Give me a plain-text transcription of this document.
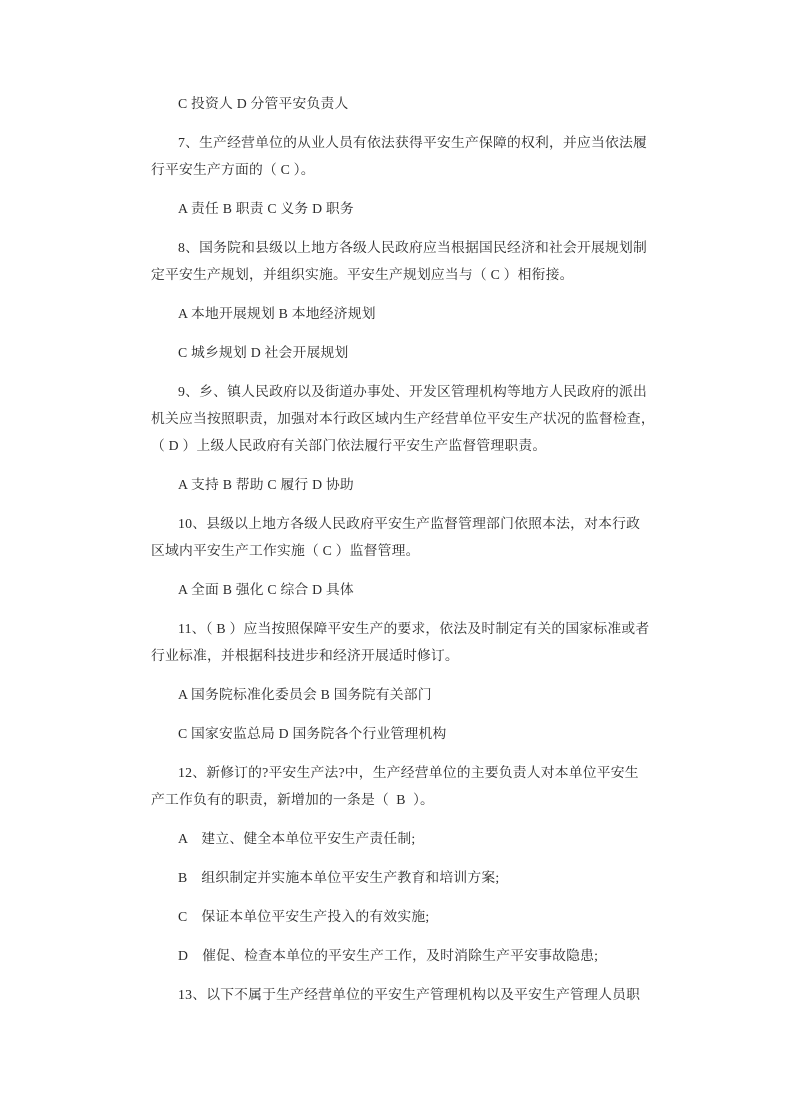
C 投资人 D 分管平安负责人
7、生产经营单位的从业人员有依法获得平安生产保障的权利，并应当依法履
行平安生产方面的（ C ）。
A 责任 B 职责 C 义务 D 职务
8、国务院和县级以上地方各级人民政府应当根据国民经济和社会开展规划制
定平安生产规划，并组织实施。平安生产规划应当与（ C ）相衔接。
A 本地开展规划 B 本地经济规划
C 城乡规划 D 社会开展规划
9、乡、镇人民政府以及街道办事处、开发区管理机构等地方人民政府的派出
机关应当按照职责，加强对本行政区域内生产经营单位平安生产状况的监督检查，
（ D ）上级人民政府有关部门依法履行平安生产监督管理职责。
A 支持 B 帮助 C 履行 D 协助
10、县级以上地方各级人民政府平安生产监督管理部门依照本法，对本行政
区域内平安生产工作实施（ C ）监督管理。
A 全面 B 强化 C 综合 D 具体
11、（ B ）应当按照保障平安生产的要求，依法及时制定有关的国家标准或者
行业标准，并根据科技进步和经济开展适时修订。
A 国务院标准化委员会 B 国务院有关部门
C 国家安监总局 D 国务院各个行业管理机构
12、新修订的?平安生产法?中，生产经营单位的主要负责人对本单位平安生
产工作负有的职责，新增加的一条是（  B  ）。
A　建立、健全本单位平安生产责任制;
B　组织制定并实施本单位平安生产教育和培训方案;
C　保证本单位平安生产投入的有效实施;
D　催促、检查本单位的平安生产工作，及时消除生产平安事故隐患;
13、以下不属于生产经营单位的平安生产管理机构以及平安生产管理人员职
